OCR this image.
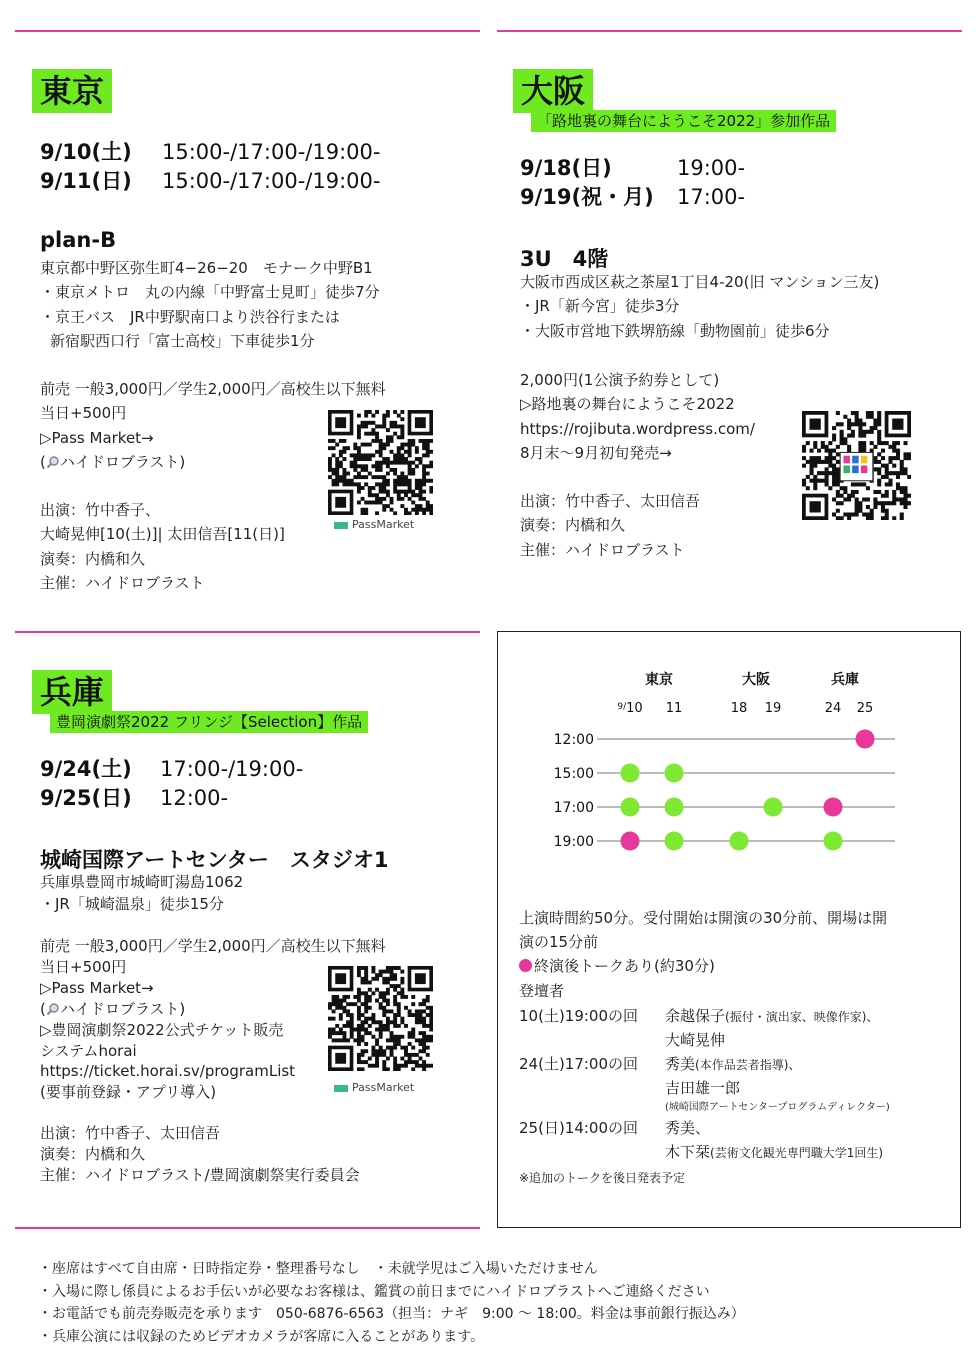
東京
9/10(土) 15:00-/17:00-/19:00-
9/11(日) 15:00-/17:00-/19:00-
plan-B
東京都中野区弥生町4−26−20　モナーク中野B1
・東京メトロ　丸の内線「中野富士見町」徒歩7分
・京王バス　JR中野駅南口より渋谷行または
新宿駅西口行「富士高校」下車徒歩1分
前売 一般3,000円／学生2,000円／高校生以下無料
当日+500円
▷Pass Market→
( ハイドロブラスト)
PassMarket
出演：竹中香子、
大崎晃伸[10(土)]| 太田信吾[11(日)]
演奏：内橋和久
主催：ハイドロブラスト
大阪
「路地裏の舞台にようこそ2022」参加作品
9/18(日)	19:00-
9/19(祝・月) 17:00-
3U　4階
大阪市西成区萩之茶屋1丁目4-20(旧 マンション三友)
・JR「新今宮」徒歩3分
・大阪市営地下鉄堺筋線「動物園前」徒歩6分
2,000円(1公演予約券として)
▷路地裏の舞台にようこそ2022
https://rojibuta.wordpress.com/
8月末〜9月初旬発売→
出演：竹中香子、太田信吾
演奏：内橋和久
主催：ハイドロブラスト
兵庫
豊岡演劇祭2022 フリンジ【Selection】作品
9/24(土) 17:00-/19:00-
9/25(日) 12:00-
城崎国際アートセンター　スタジオ1
兵庫県豊岡市城崎町湯島1062
・JR「城崎温泉」徒歩15分
前売 一般3,000円／学生2,000円／高校生以下無料
当日+500円
▷Pass Market→
( ハイドロブラスト)
▷豊岡演劇祭2022公式チケット販売
システムhorai
https://ticket.horai.sv/programList
(要事前登録・アプリ導入)	PassMarket
出演：竹中香子、太田信吾
演奏：内橋和久
主催：ハイドロブラスト/豊岡演劇祭実行委員会
東京
$^{9/}$10 11
大阪
18 19
兵庫
24 25
12:00
15:00
17:00
19:00
上演時間約50分。受付開始は開演の30分前、開場は開
演の15分前
終演後トークあり(約30分)
登壇者
10(土)19:00の回 余越保子(振付・演出家、映像作家)、
大崎晃伸
24(土)17:00の回 秀美(本作品芸者指導)、
吉田雄一郎
(城崎国際アートセンタープログラムディレクター)
25(日)14:00の回 秀美、
木下栞(芸術文化観光専門職大学1回生)
※追加のトークを後日発表予定
・座席はすべて自由席・日時指定券・整理番号なし　・未就学児はご入場いただけません
・入場に際し係員によるお手伝いが必要なお客様は、鑑賞の前日までにハイドロブラストへご連絡ください
・お電話でも前売券販売を承ります　050-6876-6563（担当：ナギ　9:00 〜 18:00。料金は事前銀行振込み）
・兵庫公演には収録のためビデオカメラが客席に入ることがあります。
